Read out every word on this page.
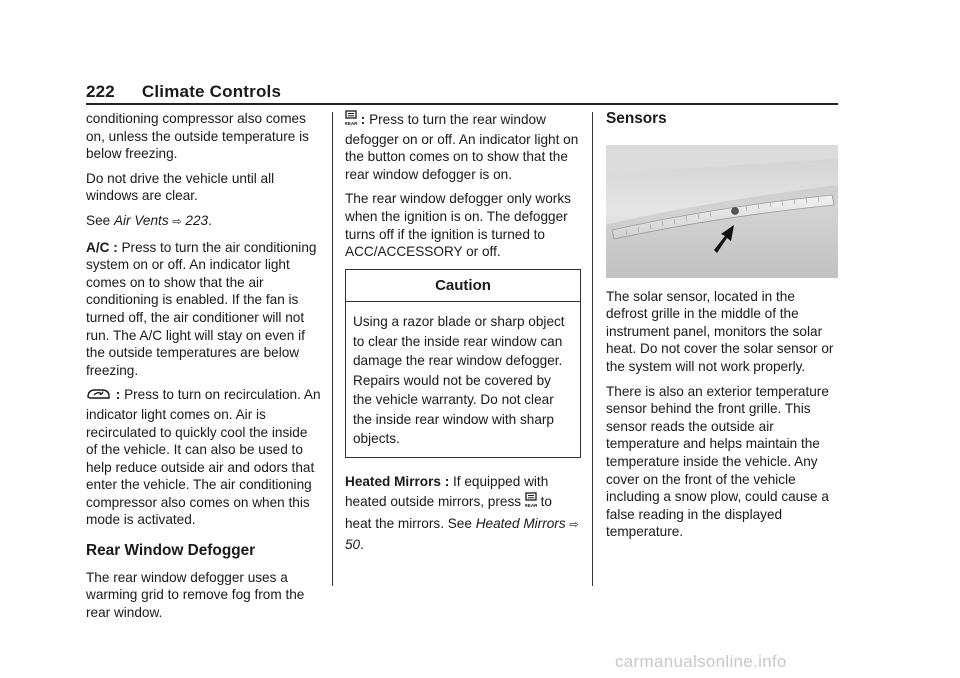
222 Climate Controls

conditioning compressor also comes on, unless the outside temperature is below freezing.

Do not drive the vehicle until all windows are clear.

See Air Vents ⇨ 223.

A/C : Press to turn the air conditioning system on or off. An indicator light comes on to show that the air conditioning is enabled. If the fan is turned off, the air conditioner will not run. The A/C light will stay on even if the outside temperatures are below freezing.

: Press to turn on recirculation. An indicator light comes on. Air is recirculated to quickly cool the inside of the vehicle. It can also be used to help reduce outside air and odors that enter the vehicle. The air conditioning compressor also comes on when this mode is activated.

Rear Window Defogger

The rear window defogger uses a warming grid to remove fog from the rear window.

REAR : Press to turn the rear window defogger on or off. An indicator light on the button comes on to show that the rear window defogger is on.

The rear window defogger only works when the ignition is on. The defogger turns off if the ignition is turned to ACC/ACCESSORY or off.

Caution
Using a razor blade or sharp object to clear the inside rear window can damage the rear window defogger. Repairs would not be covered by the vehicle warranty. Do not clear the inside rear window with sharp objects.

Heated Mirrors : If equipped with heated outside mirrors, press REAR to heat the mirrors. See Heated Mirrors ⇨ 50.

Sensors

The solar sensor, located in the defrost grille in the middle of the instrument panel, monitors the solar heat. Do not cover the solar sensor or the system will not work properly.

There is also an exterior temperature sensor behind the front grille. This sensor reads the outside air temperature and helps maintain the temperature inside the vehicle. Any cover on the front of the vehicle including a snow plow, could cause a false reading in the displayed temperature.

carmanualsonline.info
